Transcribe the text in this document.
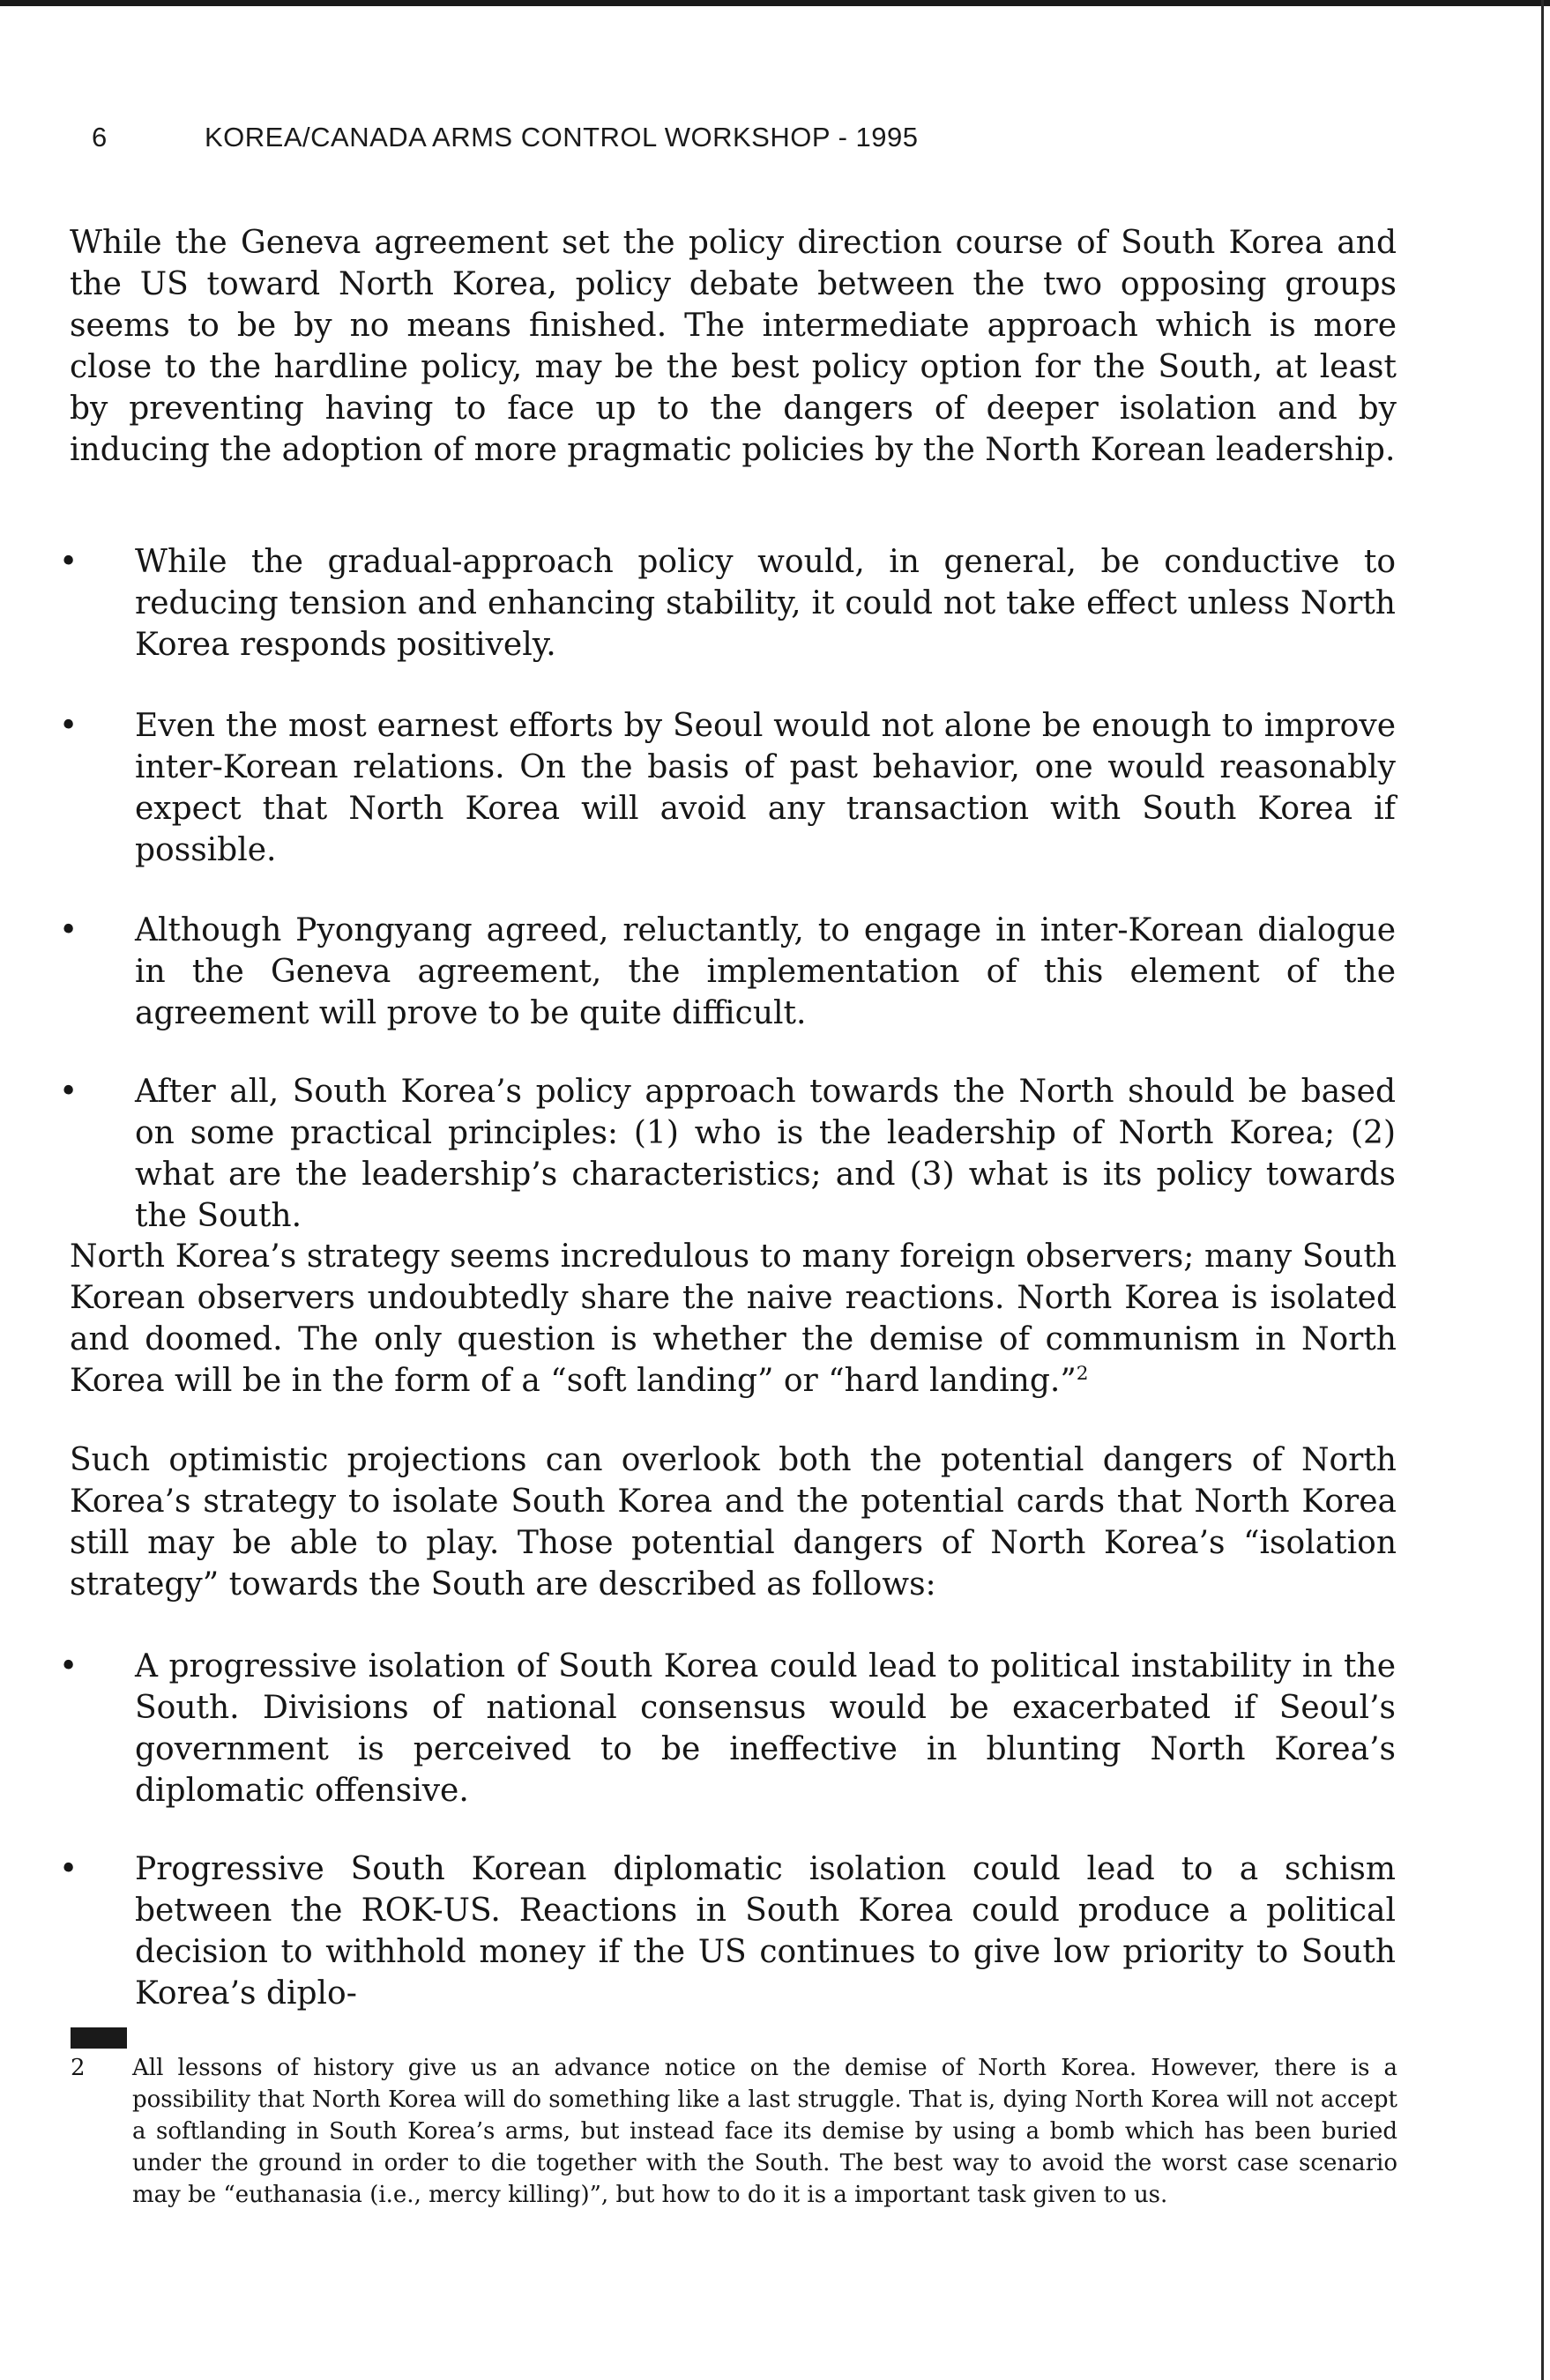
6	KOREA/CANADA ARMS CONTROL WORKSHOP - 1995

While the Geneva agreement set the policy direction course of South Korea and the US toward North Korea, policy debate between the two opposing groups seems to be by no means finished. The intermediate approach which is more close to the hardline policy, may be the best policy option for the South, at least by preventing having to face up to the dangers of deeper isolation and by inducing the adoption of more pragmatic policies by the North Korean leadership.

While the gradual-approach policy would, in general, be conductive to reducing tension and enhancing stability, it could not take effect unless North Korea responds positively.
Even the most earnest efforts by Seoul would not alone be enough to improve inter-Korean relations. On the basis of past behavior, one would reasonably expect that North Korea will avoid any transaction with South Korea if possible.
Although Pyongyang agreed, reluctantly, to engage in inter-Korean dialogue in the Geneva agreement, the implementation of this element of the agreement will prove to be quite difficult.
After all, South Korea’s policy approach towards the North should be based on some practical principles: (1) who is the leadership of North Korea; (2) what are the leadership’s characteristics; and (3) what is its policy towards the South.

North Korea’s strategy seems incredulous to many foreign observers; many South Korean observers undoubtedly share the naive reactions. North Korea is isolated and doomed. The only question is whether the demise of communism in North Korea will be in the form of a “soft landing” or “hard landing.”$^2$

Such optimistic projections can overlook both the potential dangers of North Korea’s strategy to isolate South Korea and the potential cards that North Korea still may be able to play. Those potential dangers of North Korea’s “isolation strategy” towards the South are described as follows:

A progressive isolation of South Korea could lead to political instability in the South. Divisions of national consensus would be exacerbated if Seoul’s government is perceived to be ineffective in blunting North Korea’s diplomatic offensive.
Progressive South Korean diplomatic isolation could lead to a schism between the ROK-US. Reactions in South Korea could produce a political decision to withhold money if the US continues to give low priority to South Korea’s diplo-
2 All lessons of history give us an advance notice on the demise of North Korea. However, there is a possibility that North Korea will do something like a last struggle. That is, dying North Korea will not accept a softlanding in South Korea’s arms, but instead face its demise by using a bomb which has been buried under the ground in order to die together with the South. The best way to avoid the worst case scenario may be “euthanasia (i.e., mercy killing)”, but how to do it is a important task given to us.
